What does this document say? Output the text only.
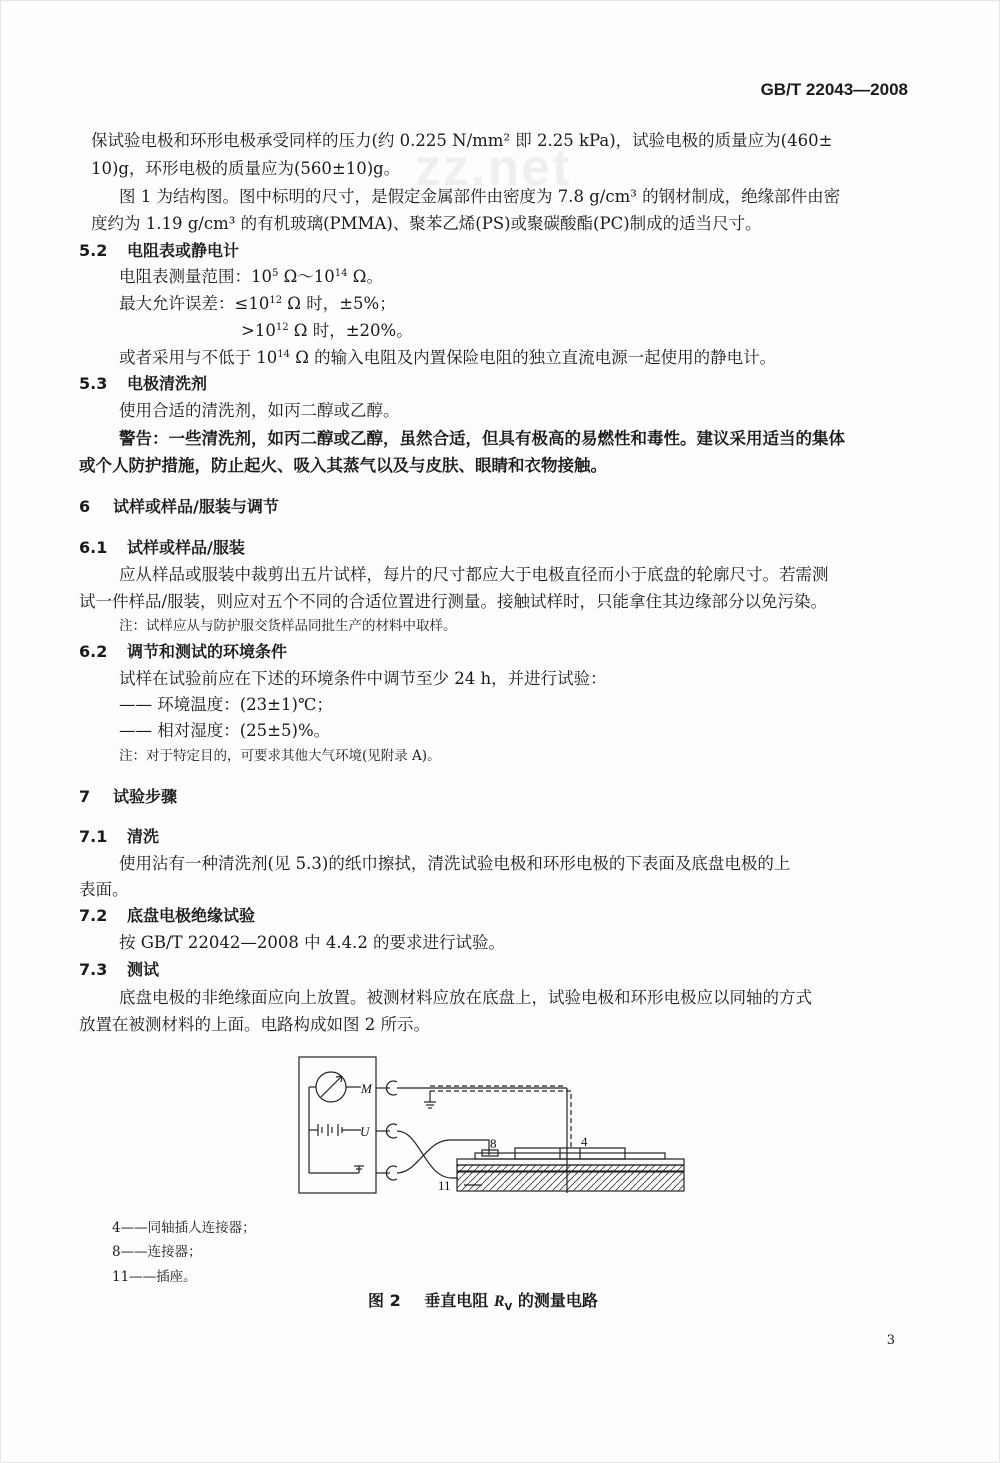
GB/T 22043—2008
zz.net
保试验电极和环形电极承受同样的压力(约 0.225 N/mm² 即 2.25 kPa)，试验电极的质量应为(460±
10)g，环形电极的质量应为(560±10)g。
图 1 为结构图。图中标明的尺寸，是假定金属部件由密度为 7.8 g/cm³ 的钢材制成，绝缘部件由密
度约为 1.19 g/cm³ 的有机玻璃(PMMA)、聚苯乙烯(PS)或聚碳酸酯(PC)制成的适当尺寸。
5.2 电阻表或静电计
电阻表测量范围：$10^5$ $\Omega\sim 10^{14}$ Ω。
最大允许误差：$\le 10^{12}$ Ω 时，±5%；
$>10^{12}$ Ω 时，±20%。
或者采用与不低于 $10^{14}$ Ω 的输入电阻及内置保险电阻的独立直流电源一起使用的静电计。
5.3 电极清洗剂
使用合适的清洗剂，如丙二醇或乙醇。
警告：一些清洗剂，如丙二醇或乙醇，虽然合适，但具有极高的易燃性和毒性。建议采用适当的集体
或个人防护措施，防止起火、吸入其蒸气以及与皮肤、眼睛和衣物接触。
6 试样或样品/服装与调节
6.1 试样或样品/服装
应从样品或服装中裁剪出五片试样，每片的尺寸都应大于电极直径而小于底盘的轮廓尺寸。若需测
试一件样品/服装，则应对五个不同的合适位置进行测量。接触试样时，只能拿住其边缘部分以免污染。
注：试样应从与防护服交货样品同批生产的材料中取样。
6.2 调节和测试的环境条件
试样在试验前应在下述的环境条件中调节至少 24 h，并进行试验：
—— 环境温度：(23±1)℃；
—— 相对湿度：(25±5)%。
注：对于特定目的，可要求其他大气环境(见附录 A)。
7 试验步骤
7.1 清洗
使用沾有一种清洗剂(见 5.3)的纸巾擦拭，清洗试验电极和环形电极的下表面及底盘电极的上
表面。
7.2 底盘电极绝缘试验
按 GB/T 22042—2008 中 4.4.2 的要求进行试验。
7.3 测试
底盘电极的非绝缘面应向上放置。被测材料应放在底盘上，试验电极和环形电极应以同轴的方式
放置在被测材料的上面。电路构成如图 2 所示。
M
U
8	4
11
4——同轴插人连接器；
8——连接器；
11——插座。
图 2 垂直电阻 $R_V$ 的测量电路
3
